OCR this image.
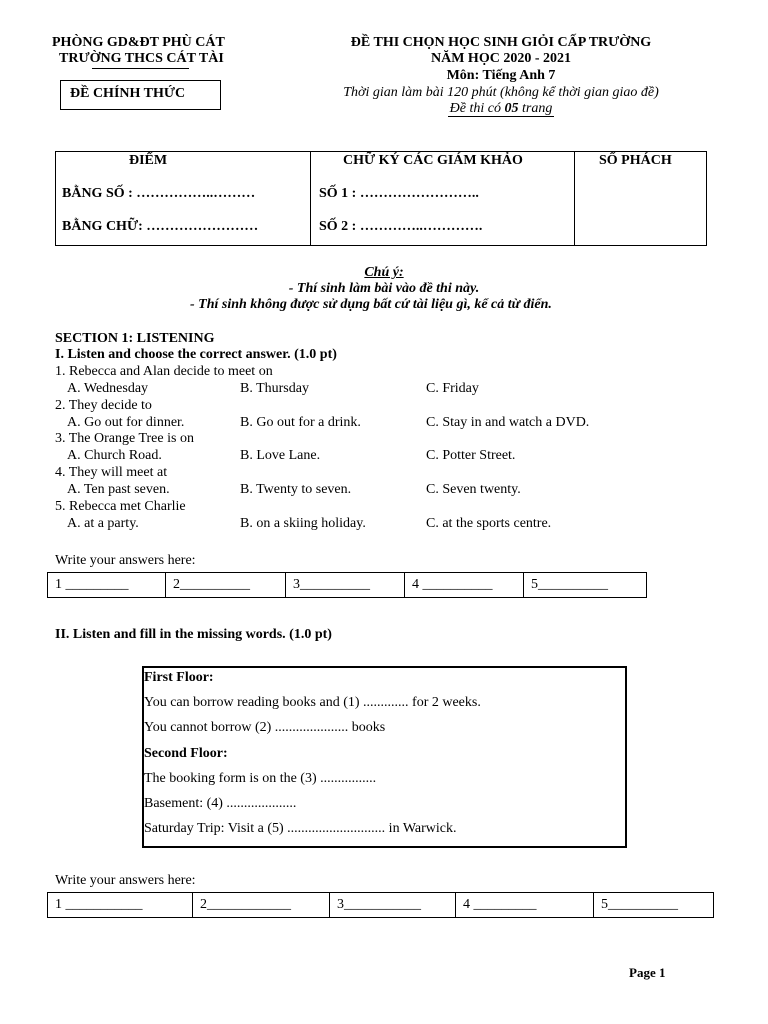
PHÒNG GD&ĐT PHÙ CÁT
TRƯỜNG THCS CÁT TÀI
ĐỀ CHÍNH THỨC
ĐỀ THI CHỌN HỌC SINH GIỎI CẤP TRƯỜNG
NĂM HỌC 2020 - 2021
Môn: Tiếng Anh 7
Thời gian làm bài 120 phút (không kể thời gian giao đề)
Đề thi có 05 trang
ĐIỂM
BẰNG SỐ : ……………..………
BẰNG CHỮ: ……………………
CHỮ KÝ CÁC GIÁM KHẢO
SỐ 1 : ……………………..
SỐ 2 : …………..………….
SỐ PHÁCH
Chú ý:
- Thí sinh làm bài vào đề thi này.
- Thí sinh không được sử dụng bất cứ tài liệu gì, kể cả từ điển.
SECTION 1: LISTENING
I. Listen and choose the correct answer. (1.0 pt)
1. Rebecca and Alan decide to meet on
A. Wednesday	B. Thursday	C. Friday
2. They decide to
A. Go out for dinner.	B. Go out for a drink.	C. Stay in and watch a DVD.
3. The Orange Tree is on
A. Church Road.	B. Love Lane.	C. Potter Street.
4. They will meet at
A. Ten past seven.	B. Twenty to seven.	C. Seven twenty.
5. Rebecca met Charlie
A. at a party.	B. on a skiing holiday.	C. at the sports centre.
Write your answers here:
1 _________	2__________	3__________	4 __________	5__________
II. Listen and fill in the missing words. (1.0 pt)
First Floor:
You can borrow reading books and (1) ............. for 2 weeks.
You cannot borrow (2) ..................... books
Second Floor:
The booking form is on the (3) ................
Basement: (4) ....................
Saturday Trip: Visit a (5) ............................ in Warwick.
Write your answers here:
1 ___________	2____________	3___________	4 _________	5__________
Page 1
